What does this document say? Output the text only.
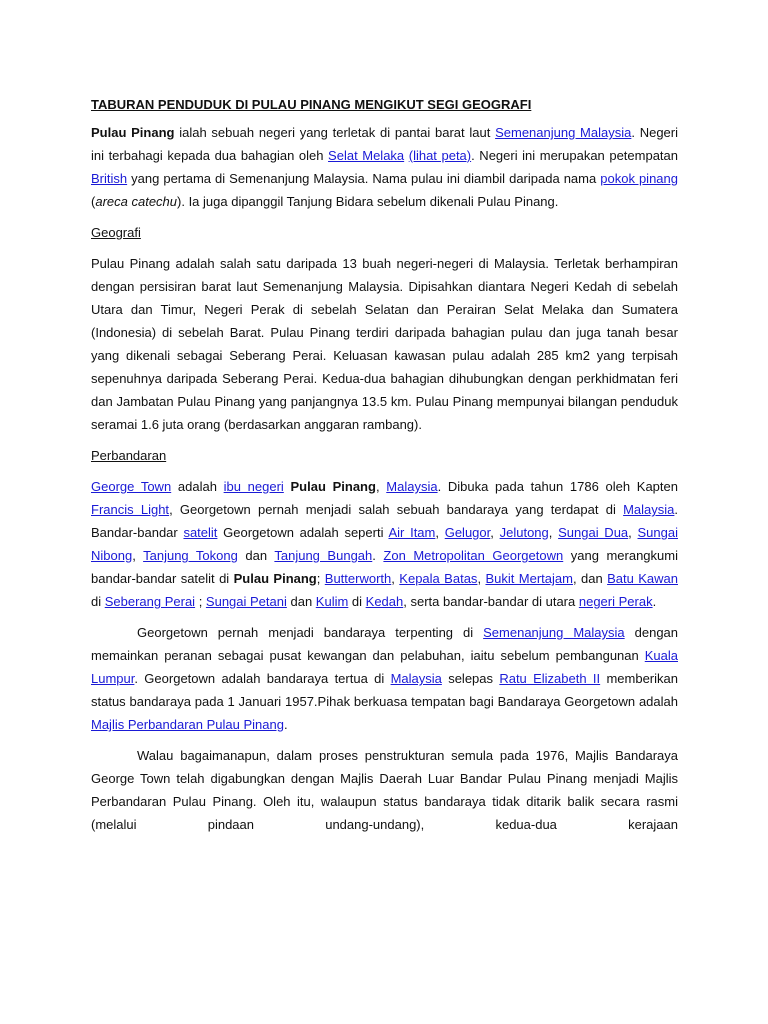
TABURAN PENDUDUK DI PULAU PINANG MENGIKUT SEGI GEOGRAFI

Pulau Pinang ialah sebuah negeri yang terletak di pantai barat laut Semenanjung Malaysia. Negeri ini terbahagi kepada dua bahagian oleh Selat Melaka (lihat peta). Negeri ini merupakan petempatan British yang pertama di Semenanjung Malaysia. Nama pulau ini diambil daripada nama pokok pinang (areca catechu). Ia juga dipanggil Tanjung Bidara sebelum dikenali Pulau Pinang.

Geografi

Pulau Pinang adalah salah satu daripada 13 buah negeri-negeri di Malaysia. Terletak berhampiran dengan persisiran barat laut Semenanjung Malaysia. Dipisahkan diantara Negeri Kedah di sebelah Utara dan Timur, Negeri Perak di sebelah Selatan dan Perairan Selat Melaka dan Sumatera (Indonesia) di sebelah Barat. Pulau Pinang terdiri daripada bahagian pulau dan juga tanah besar yang dikenali sebagai Seberang Perai. Keluasan kawasan pulau adalah 285 km2 yang terpisah sepenuhnya daripada Seberang Perai. Kedua-dua bahagian dihubungkan dengan perkhidmatan feri dan Jambatan Pulau Pinang yang panjangnya 13.5 km. Pulau Pinang mempunyai bilangan penduduk seramai 1.6 juta orang (berdasarkan anggaran rambang).

Perbandaran

George Town adalah ibu negeri Pulau Pinang, Malaysia. Dibuka pada tahun 1786 oleh Kapten Francis Light, Georgetown pernah menjadi salah sebuah bandaraya yang terdapat di Malaysia. Bandar-bandar satelit Georgetown adalah seperti Air Itam, Gelugor, Jelutong, Sungai Dua, Sungai Nibong, Tanjung Tokong dan Tanjung Bungah. Zon Metropolitan Georgetown yang merangkumi bandar-bandar satelit di Pulau Pinang; Butterworth, Kepala Batas, Bukit Mertajam, dan Batu Kawan di Seberang Perai ; Sungai Petani dan Kulim di Kedah, serta bandar-bandar di utara negeri Perak.

Georgetown pernah menjadi bandaraya terpenting di Semenanjung Malaysia dengan memainkan peranan sebagai pusat kewangan dan pelabuhan, iaitu sebelum pembangunan Kuala Lumpur. Georgetown adalah bandaraya tertua di Malaysia selepas Ratu Elizabeth II memberikan status bandaraya pada 1 Januari 1957.Pihak berkuasa tempatan bagi Bandaraya Georgetown adalah Majlis Perbandaran Pulau Pinang.

Walau bagaimanapun, dalam proses penstrukturan semula pada 1976, Majlis Bandaraya George Town telah digabungkan dengan Majlis Daerah Luar Bandar Pulau Pinang menjadi Majlis Perbandaran Pulau Pinang. Oleh itu, walaupun status bandaraya tidak ditarik balik secara rasmi (melalui pindaan undang-undang), kedua-dua kerajaan
